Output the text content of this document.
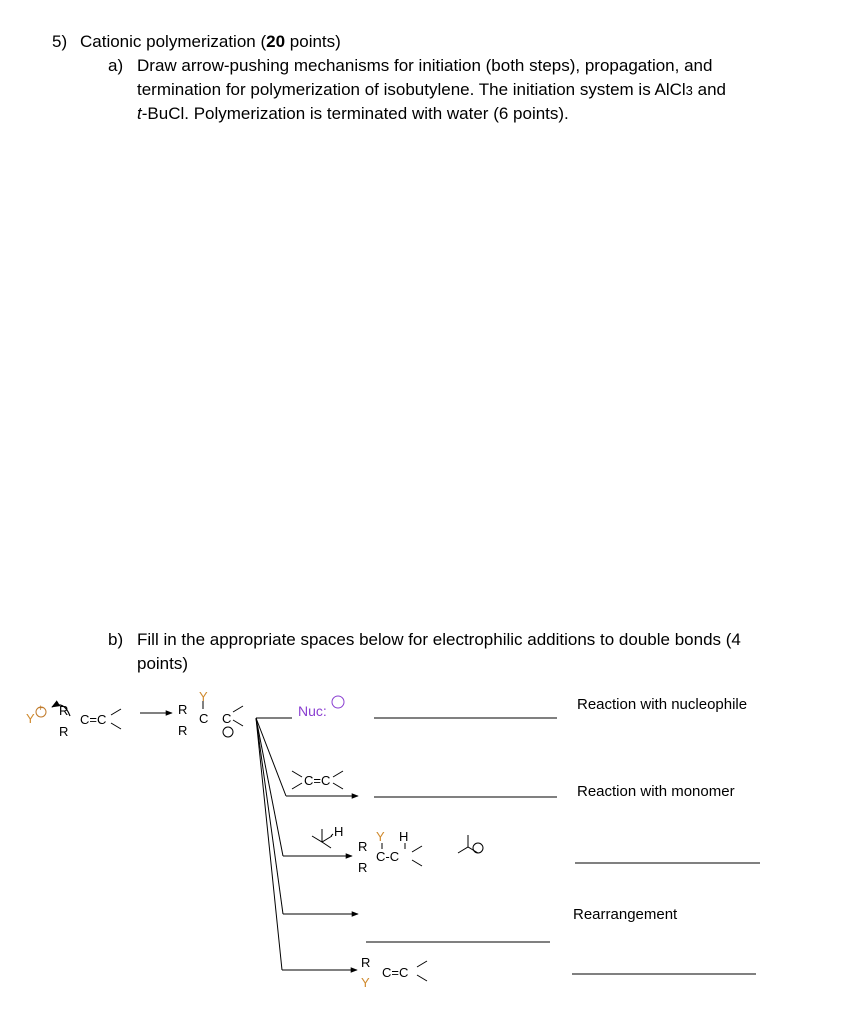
5) Cationic polymerization (20 points)
a) Draw arrow-pushing mechanisms for initiation (both steps), propagation, and
termination for polymerization of isobutylene. The initiation system is AlCl3 and
t-BuCl. Polymerization is terminated with water (6 points).
b) Fill in the appropriate spaces below for electrophilic additions to double bonds (4
points)
Y
+ R
R
C=C
R
R
Y
C C	Nuc:
C=C
H	Y H
R
C-C
R
R
Y
C=C
Reaction with nucleophile
Reaction with monomer
Rearrangement
